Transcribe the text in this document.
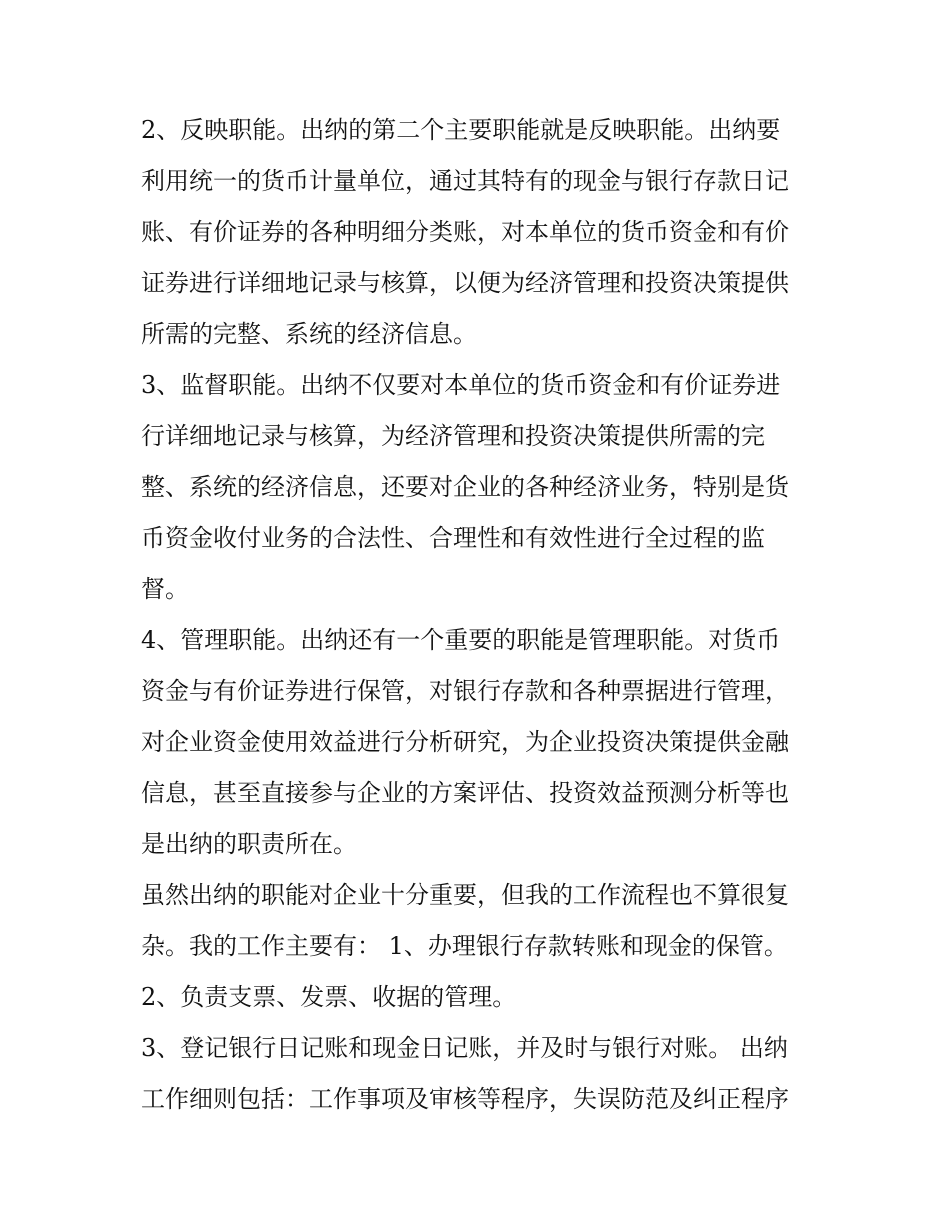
2、反映职能。出纳的第二个主要职能就是反映职能。出纳要

利用统一的货币计量单位，通过其特有的现金与银行存款日记

账、有价证券的各种明细分类账，对本单位的货币资金和有价

证券进行详细地记录与核算，以便为经济管理和投资决策提供

所需的完整、系统的经济信息。

3、监督职能。出纳不仅要对本单位的货币资金和有价证券进

行详细地记录与核算，为经济管理和投资决策提供所需的完

整、系统的经济信息，还要对企业的各种经济业务，特别是货

币资金收付业务的合法性、合理性和有效性进行全过程的监

督。

4、管理职能。出纳还有一个重要的职能是管理职能。对货币

资金与有价证券进行保管，对银行存款和各种票据进行管理，

对企业资金使用效益进行分析研究，为企业投资决策提供金融

信息，甚至直接参与企业的方案评估、投资效益预测分析等也

是出纳的职责所在。

虽然出纳的职能对企业十分重要，但我的工作流程也不算很复

杂。我的工作主要有： 1、办理银行存款转账和现金的保管。

2、负责支票、发票、收据的管理。

3、登记银行日记账和现金日记账，并及时与银行对账。 出纳

工作细则包括：工作事项及审核等程序，失误防范及纠正程序
